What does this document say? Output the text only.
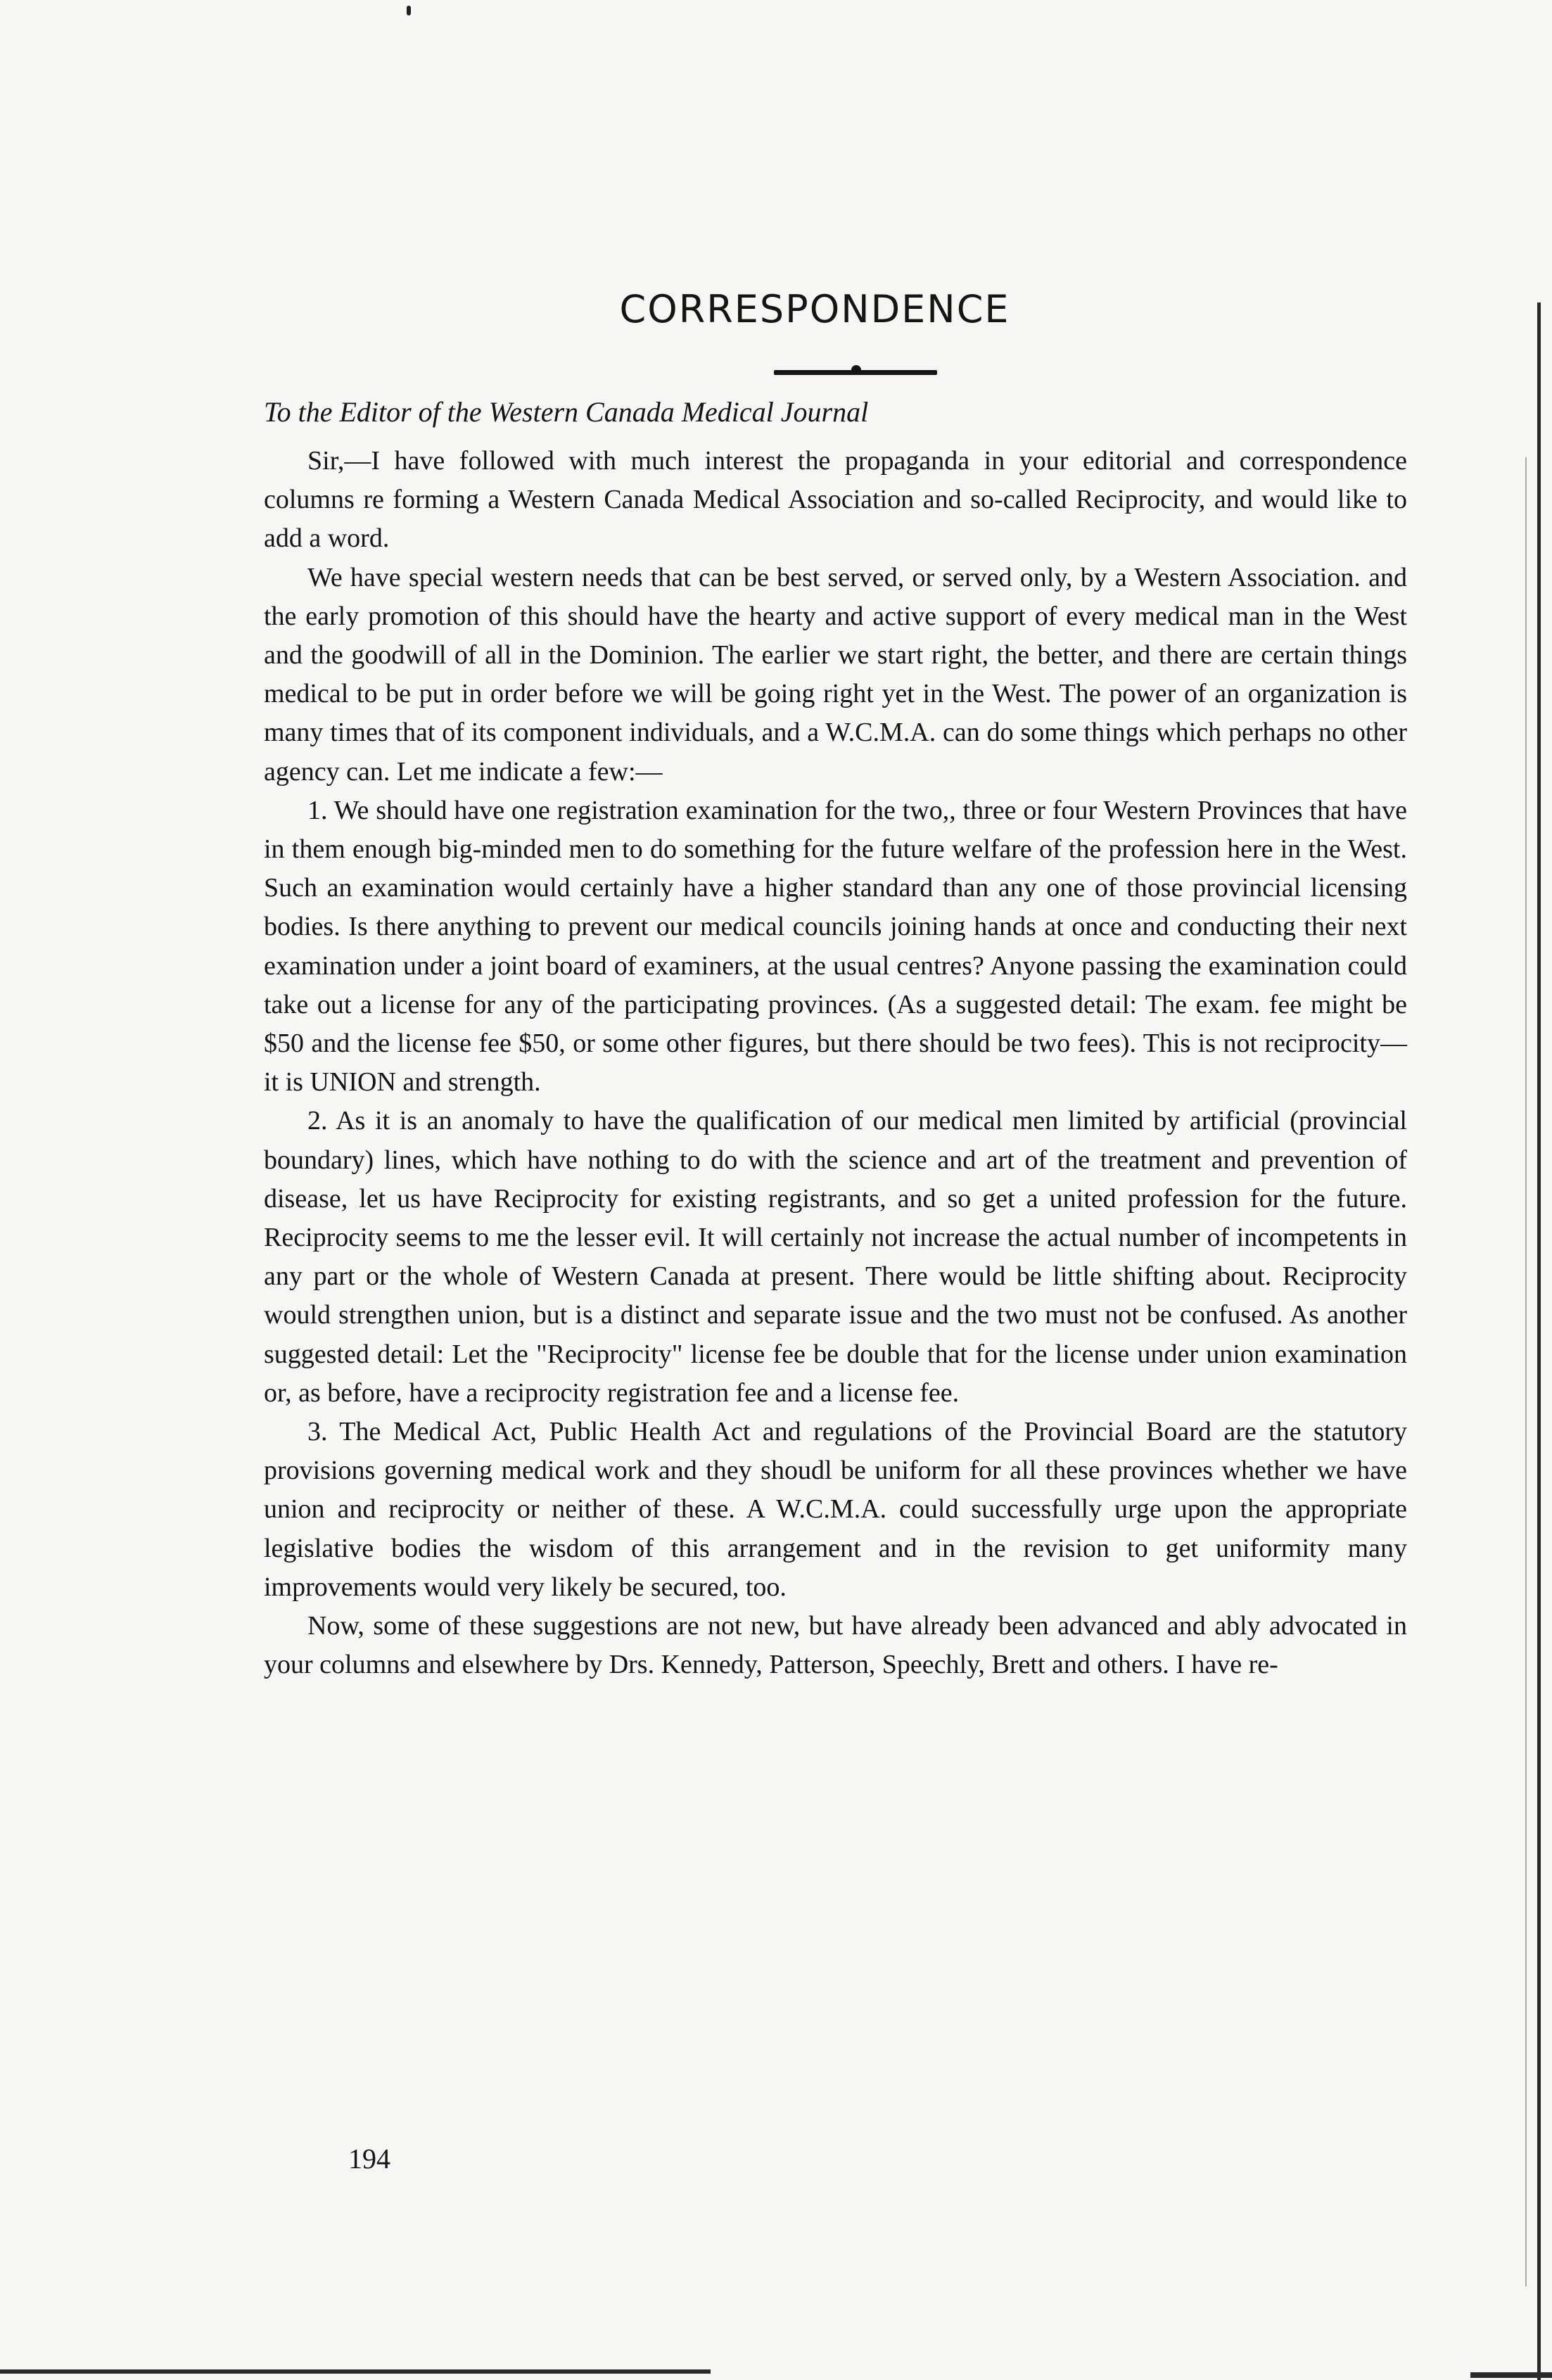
CORRESPONDENCE
To the Editor of the Western Canada Medical Journal

Sir,—I have followed with much interest the propaganda in your editorial and correspondence columns re forming a Western Canada Medical Association and so-called Reciprocity, and would like to add a word.

We have special western needs that can be best served, or served only, by a Western Association. and the early promotion of this should have the hearty and active support of every medical man in the West and the goodwill of all in the Dominion. The earlier we start right, the better, and there are certain things medical to be put in order before we will be going right yet in the West. The power of an organization is many times that of its component individuals, and a W.C.M.A. can do some things which perhaps no other agency can. Let me indicate a few:—

1. We should have one registration examination for the two,, three or four Western Provinces that have in them enough big-minded men to do something for the future welfare of the profession here in the West. Such an examination would certainly have a higher standard than any one of those provincial licensing bodies. Is there anything to prevent our medical councils joining hands at once and conducting their next examination under a joint board of examiners, at the usual centres? Anyone passing the examination could take out a license for any of the participating provinces. (As a suggested detail: The exam. fee might be $50 and the license fee $50, or some other figures, but there should be two fees). This is not reciprocity—it is UNION and strength.

2. As it is an anomaly to have the qualification of our medical men limited by artificial (provincial boundary) lines, which have nothing to do with the science and art of the treatment and prevention of disease, let us have Reciprocity for existing registrants, and so get a united profession for the future. Reciprocity seems to me the lesser evil. It will certainly not increase the actual number of incompetents in any part or the whole of Western Canada at present. There would be little shifting about. Reciprocity would strengthen union, but is a distinct and separate issue and the two must not be confused. As another suggested detail: Let the "Reciprocity" license fee be double that for the license under union examination or, as before, have a reciprocity registration fee and a license fee.

3. The Medical Act, Public Health Act and regulations of the Provincial Board are the statutory provisions governing medical work and they shoudl be uniform for all these provinces whether we have union and reciprocity or neither of these. A W.C.M.A. could successfully urge upon the appropriate legislative bodies the wisdom of this arrangement and in the revision to get uniformity many improvements would very likely be secured, too.

Now, some of these suggestions are not new, but have already been advanced and ably advocated in your columns and elsewhere by Drs. Kennedy, Patterson, Speechly, Brett and others. I have re-

194
